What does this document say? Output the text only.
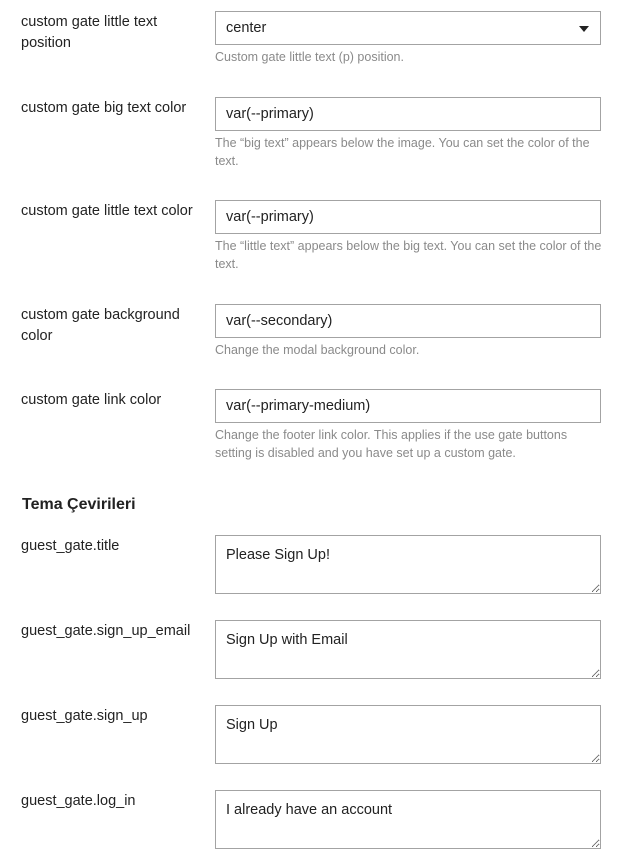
custom gate little text position
center
Custom gate little text (p) position.
custom gate big text color
var(--primary)
The “big text” appears below the image. You can set the color of the text.
custom gate little text color
var(--primary)
The “little text” appears below the big text. You can set the color of the text.
custom gate background color
var(--secondary)
Change the modal background color.
custom gate link color
var(--primary-medium)
Change the footer link color. This applies if the use gate buttons setting is disabled and you have set up a custom gate.
Tema Çevirileri
guest_gate.title
Please Sign Up!
guest_gate.sign_up_email
Sign Up with Email
guest_gate.sign_up
Sign Up
guest_gate.log_in
I already have an account
